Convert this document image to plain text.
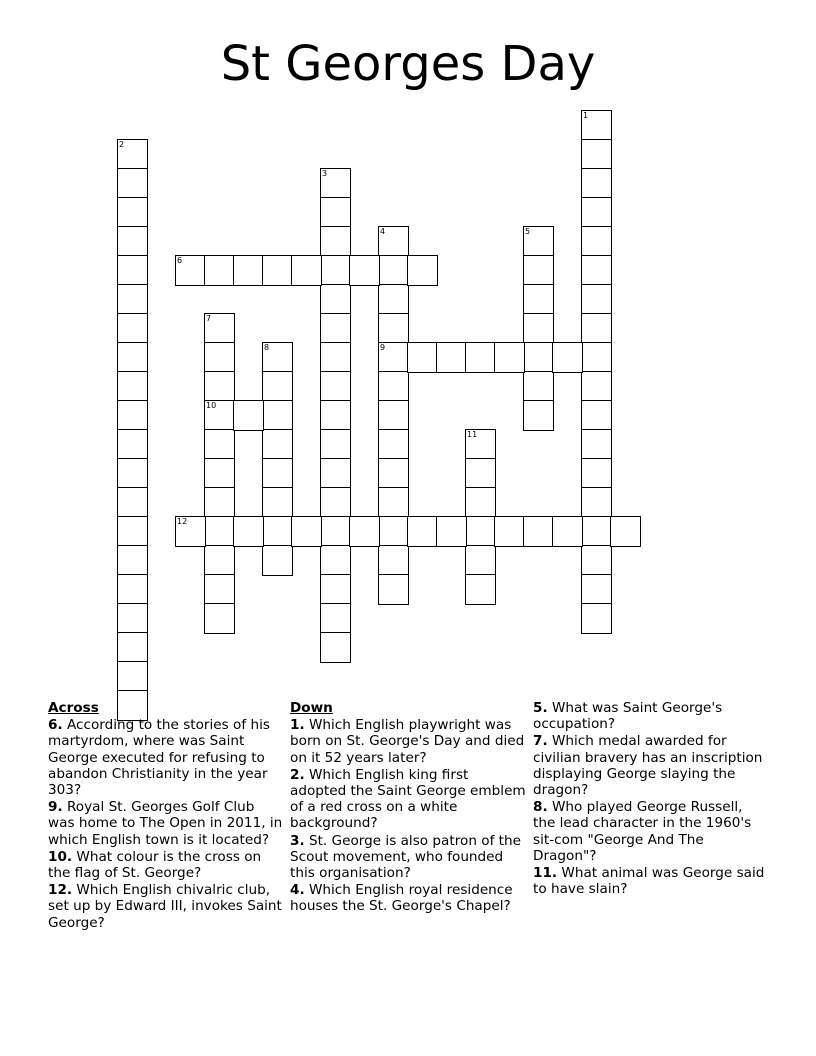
St Georges Day
1
2
3
4
9
5
6
7
10
8
11
12
Across
6. According to the stories of his martyrdom, where was Saint George executed for refusing to abandon Christianity in the year 303?
9. Royal St. Georges Golf Club was home to The Open in 2011, in which English town is it located?
10. What colour is the cross on the flag of St. George?
12. Which English chivalric club, set up by Edward III, invokes Saint George?
Down
1. Which English playwright was born on St. George's Day and died on it 52 years later?
2. Which English king first adopted the Saint George emblem of a red cross on a white background?
3. St. George is also patron of the Scout movement, who founded this organisation?
4. Which English royal residence houses the St. George's Chapel?
5. What was Saint George's occupation?
7. Which medal awarded for civilian bravery has an inscription displaying George slaying the dragon?
8. Who played George Russell, the lead character in the 1960's sit-com "George And The Dragon"?
11. What animal was George said to have slain?
